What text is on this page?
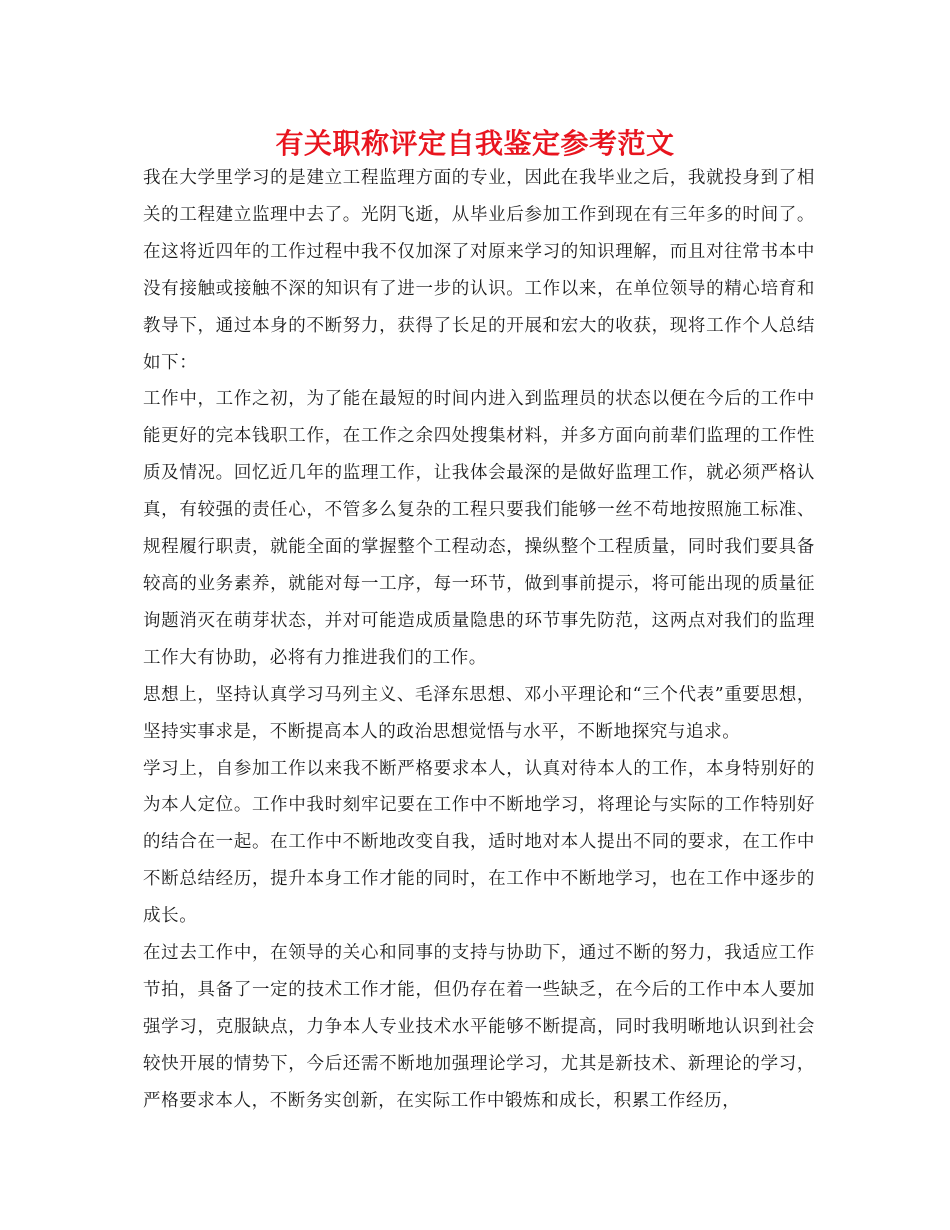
有关职称评定自我鉴定参考范文

我在大学里学习的是建立工程监理方面的专业，因此在我毕业之后，我就投身到了相关的工程建立监理中去了。光阴飞逝，从毕业后参加工作到现在有三年多的时间了。在这将近四年的工作过程中我不仅加深了对原来学习的知识理解，而且对往常书本中没有接触或接触不深的知识有了进一步的认识。工作以来，在单位领导的精心培育和教导下，通过本身的不断努力，获得了长足的开展和宏大的收获，现将工作个人总结如下：

工作中，工作之初，为了能在最短的时间内进入到监理员的状态以便在今后的工作中能更好的完本钱职工作，在工作之余四处搜集材料，并多方面向前辈们监理的工作性质及情况。回忆近几年的监理工作，让我体会最深的是做好监理工作，就必须严格认真，有较强的责任心，不管多么复杂的工程只要我们能够一丝不苟地按照施工标准、规程履行职责，就能全面的掌握整个工程动态，操纵整个工程质量，同时我们要具备较高的业务素养，就能对每一工序，每一环节，做到事前提示，将可能出现的质量征询题消灭在萌芽状态，并对可能造成质量隐患的环节事先防范，这两点对我们的监理工作大有协助，必将有力推进我们的工作。

思想上，坚持认真学习马列主义、毛泽东思想、邓小平理论和“三个代表”重要思想，坚持实事求是，不断提高本人的政治思想觉悟与水平，不断地探究与追求。

学习上，自参加工作以来我不断严格要求本人，认真对待本人的工作，本身特别好的为本人定位。工作中我时刻牢记要在工作中不断地学习，将理论与实际的工作特别好的结合在一起。在工作中不断地改变自我，适时地对本人提出不同的要求，在工作中不断总结经历，提升本身工作才能的同时，在工作中不断地学习，也在工作中逐步的成长。

在过去工作中，在领导的关心和同事的支持与协助下，通过不断的努力，我适应工作节拍，具备了一定的技术工作才能，但仍存在着一些缺乏，在今后的工作中本人要加强学习，克服缺点，力争本人专业技术水平能够不断提高，同时我明晰地认识到社会较快开展的情势下，今后还需不断地加强理论学习，尤其是新技术、新理论的学习，严格要求本人，不断务实创新，在实际工作中锻炼和成长，积累工作经历，
